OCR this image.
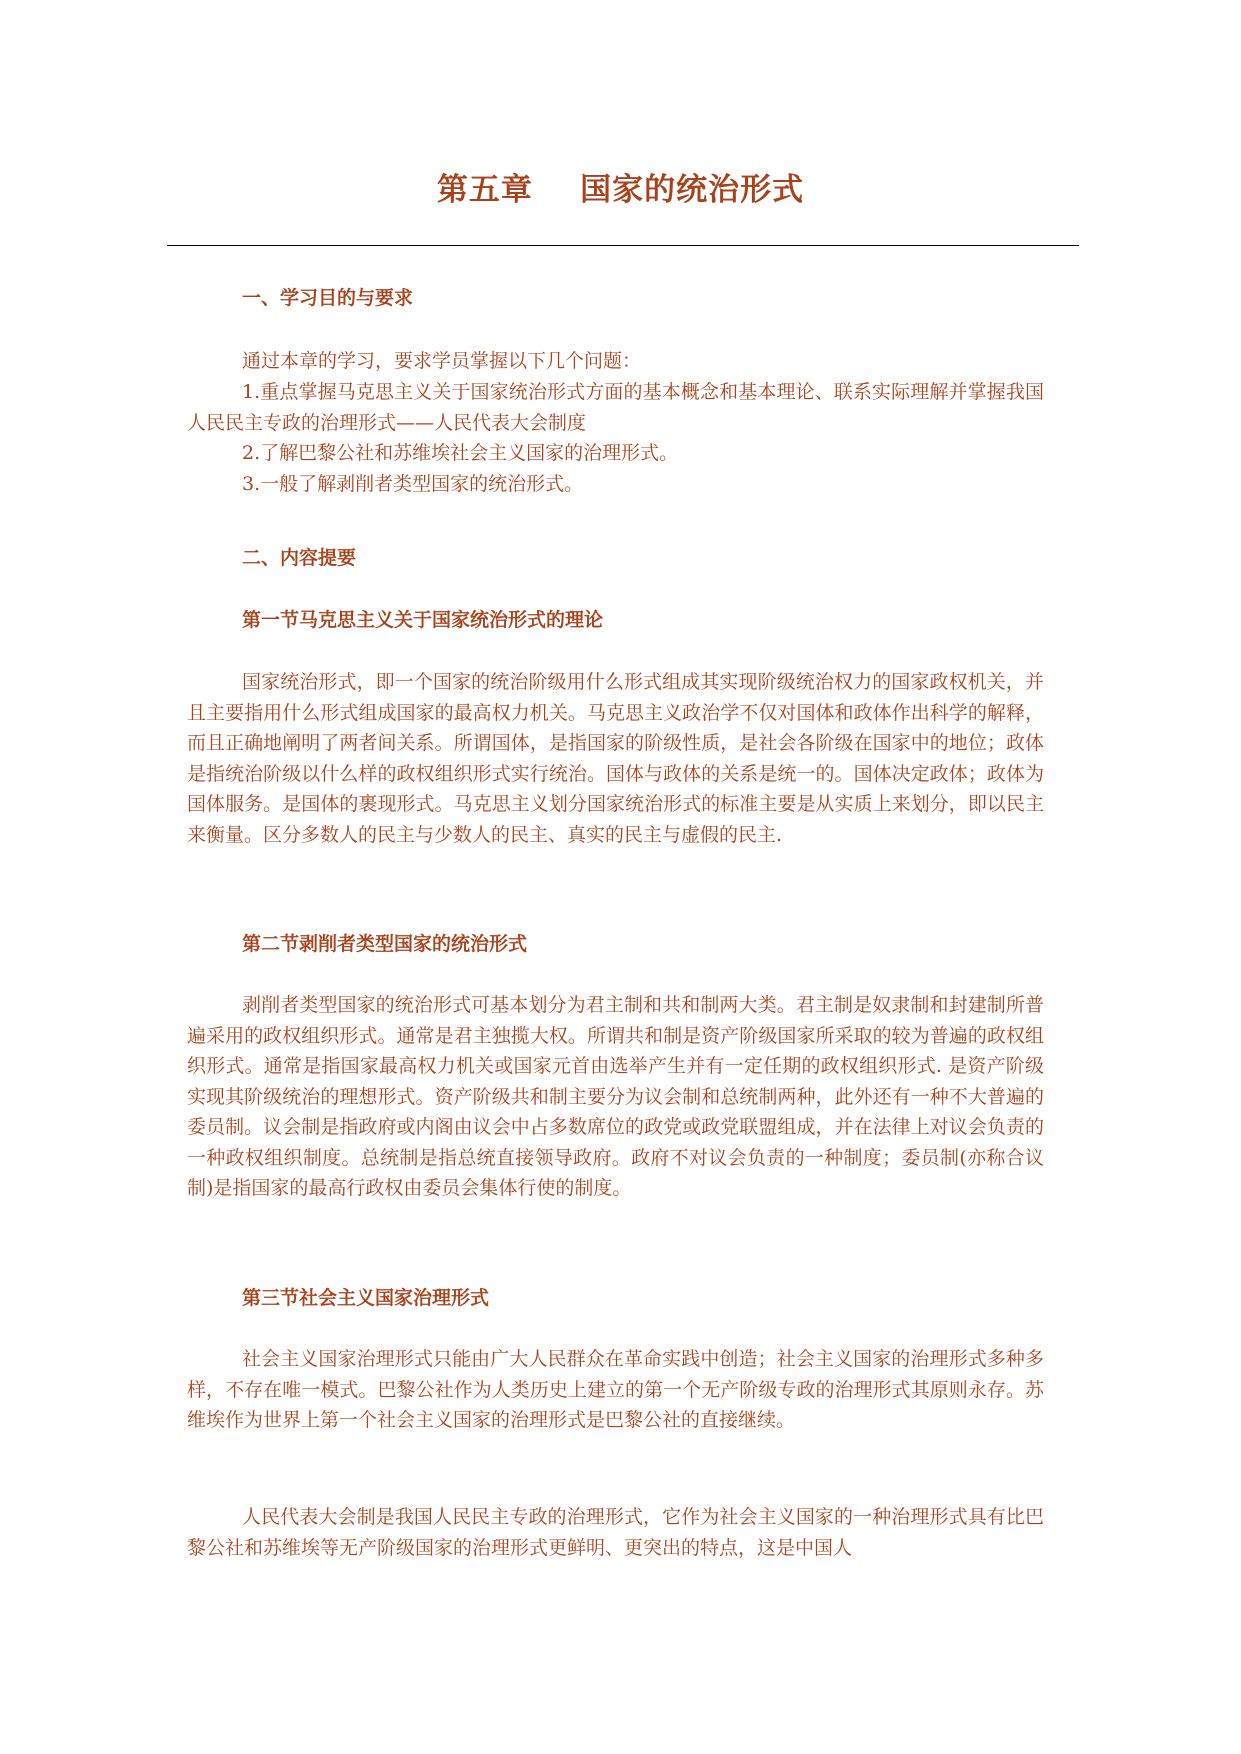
第五章    国家的统治形式
一、学习目的与要求
通过本章的学习，要求学员掌握以下几个问题：
1.重点掌握马克思主义关于国家统治形式方面的基本概念和基本理论、联系实际理解并掌握我国人民民主专政的治理形式——人民代表大会制度
2.了解巴黎公社和苏维埃社会主义国家的治理形式。
3.一般了解剥削者类型国家的统治形式。
二、内容提要
第一节马克思主义关于国家统治形式的理论
国家统治形式，即一个国家的统治阶级用什么形式组成其实现阶级统治权力的国家政权机关，并且主要指用什么形式组成国家的最高权力机关。马克思主义政治学不仅对国体和政体作出科学的解释，而且正确地阐明了两者间关系。所谓国体，是指国家的阶级性质，是社会各阶级在国家中的地位；政体是指统治阶级以什么样的政权组织形式实行统治。国体与政体的关系是统一的。国体决定政体；政体为国体服务。是国体的裹现形式。马克思主义划分国家统治形式的标准主要是从实质上来划分，即以民主来衡量。区分多数人的民主与少数人的民主、真实的民主与虚假的民主.
第二节剥削者类型国家的统治形式
剥削者类型国家的统治形式可基本划分为君主制和共和制两大类。君主制是奴隶制和封建制所普遍采用的政权组织形式。通常是君主独揽大权。所谓共和制是资产阶级国家所采取的较为普遍的政权组织形式。通常是指国家最高权力机关或国家元首由选举产生并有一定任期的政权组织形式. 是资产阶级实现其阶级统治的理想形式。资产阶级共和制主要分为议会制和总统制两种，此外还有一种不大普遍的委员制。议会制是指政府或内阁由议会中占多数席位的政党或政党联盟组成，并在法律上对议会负责的一种政权组织制度。总统制是指总统直接领导政府。政府不对议会负责的一种制度；委员制(亦称合议制)是指国家的最高行政权由委员会集体行使的制度。
第三节社会主义国家治理形式
社会主义国家治理形式只能由广大人民群众在革命实践中创造；社会主义国家的治理形式多种多样，不存在唯一模式。巴黎公社作为人类历史上建立的第一个无产阶级专政的治理形式其原则永存。苏维埃作为世界上第一个社会主义国家的治理形式是巴黎公社的直接继续。
人民代表大会制是我国人民民主专政的治理形式，它作为社会主义国家的一种治理形式具有比巴黎公社和苏维埃等无产阶级国家的治理形式更鲜明、更突出的特点，这是中国人
